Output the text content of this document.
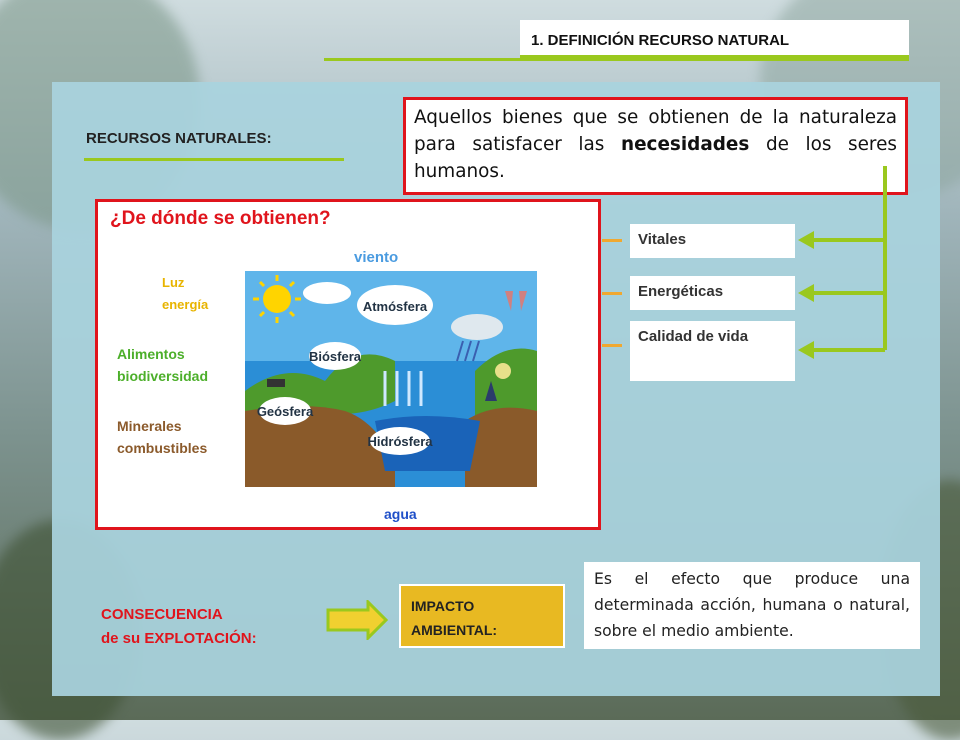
1. DEFINICIÓN RECURSO NATURAL
RECURSOS NATURALES:
Aquellos bienes que se obtienen de la naturaleza para satisfacer las necesidades de los seres humanos.
¿De dónde se obtienen?
viento
Luz
energía
Alimentos
biodiversidad
Minerales
combustibles
agua
Atmósfera
Biósfera
Geósfera
Hidrósfera
Vitales
Energéticas
Calidad de vida
CONSECUENCIA
de su EXPLOTACIÓN:
IMPACTO
AMBIENTAL:
Es el efecto que produce una determinada acción, humana o natural, sobre el medio ambiente.
